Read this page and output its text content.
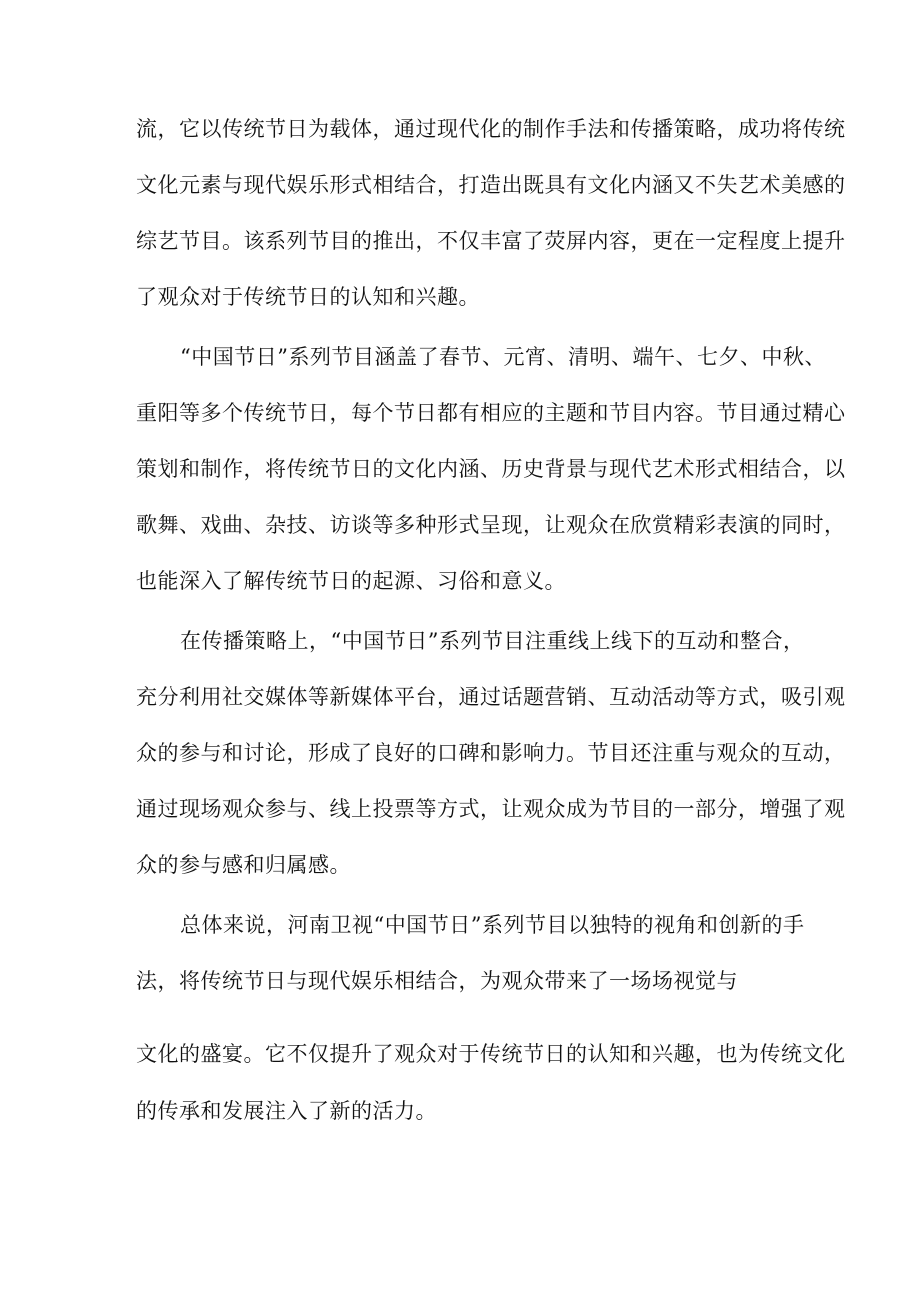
流，它以传统节日为载体，通过现代化的制作手法和传播策略，成功将传统
文化元素与现代娱乐形式相结合，打造出既具有文化内涵又不失艺术美感的
综艺节目。该系列节目的推出，不仅丰富了荧屏内容，更在一定程度上提升
了观众对于传统节日的认知和兴趣。
“中国节日”系列节目涵盖了春节、元宵、清明、端午、七夕、中秋、
重阳等多个传统节日，每个节日都有相应的主题和节目内容。节目通过精心
策划和制作，将传统节日的文化内涵、历史背景与现代艺术形式相结合，以
歌舞、戏曲、杂技、访谈等多种形式呈现，让观众在欣赏精彩表演的同时，
也能深入了解传统节日的起源、习俗和意义。
在传播策略上，“中国节日”系列节目注重线上线下的互动和整合，
充分利用社交媒体等新媒体平台，通过话题营销、互动活动等方式，吸引观
众的参与和讨论，形成了良好的口碑和影响力。节目还注重与观众的互动，
通过现场观众参与、线上投票等方式，让观众成为节目的一部分，增强了观
众的参与感和归属感。
总体来说，河南卫视“中国节日”系列节目以独特的视角和创新的手
法，将传统节日与现代娱乐相结合，为观众带来了一场场视觉与
文化的盛宴。它不仅提升了观众对于传统节日的认知和兴趣，也为传统文化
的传承和发展注入了新的活力。
